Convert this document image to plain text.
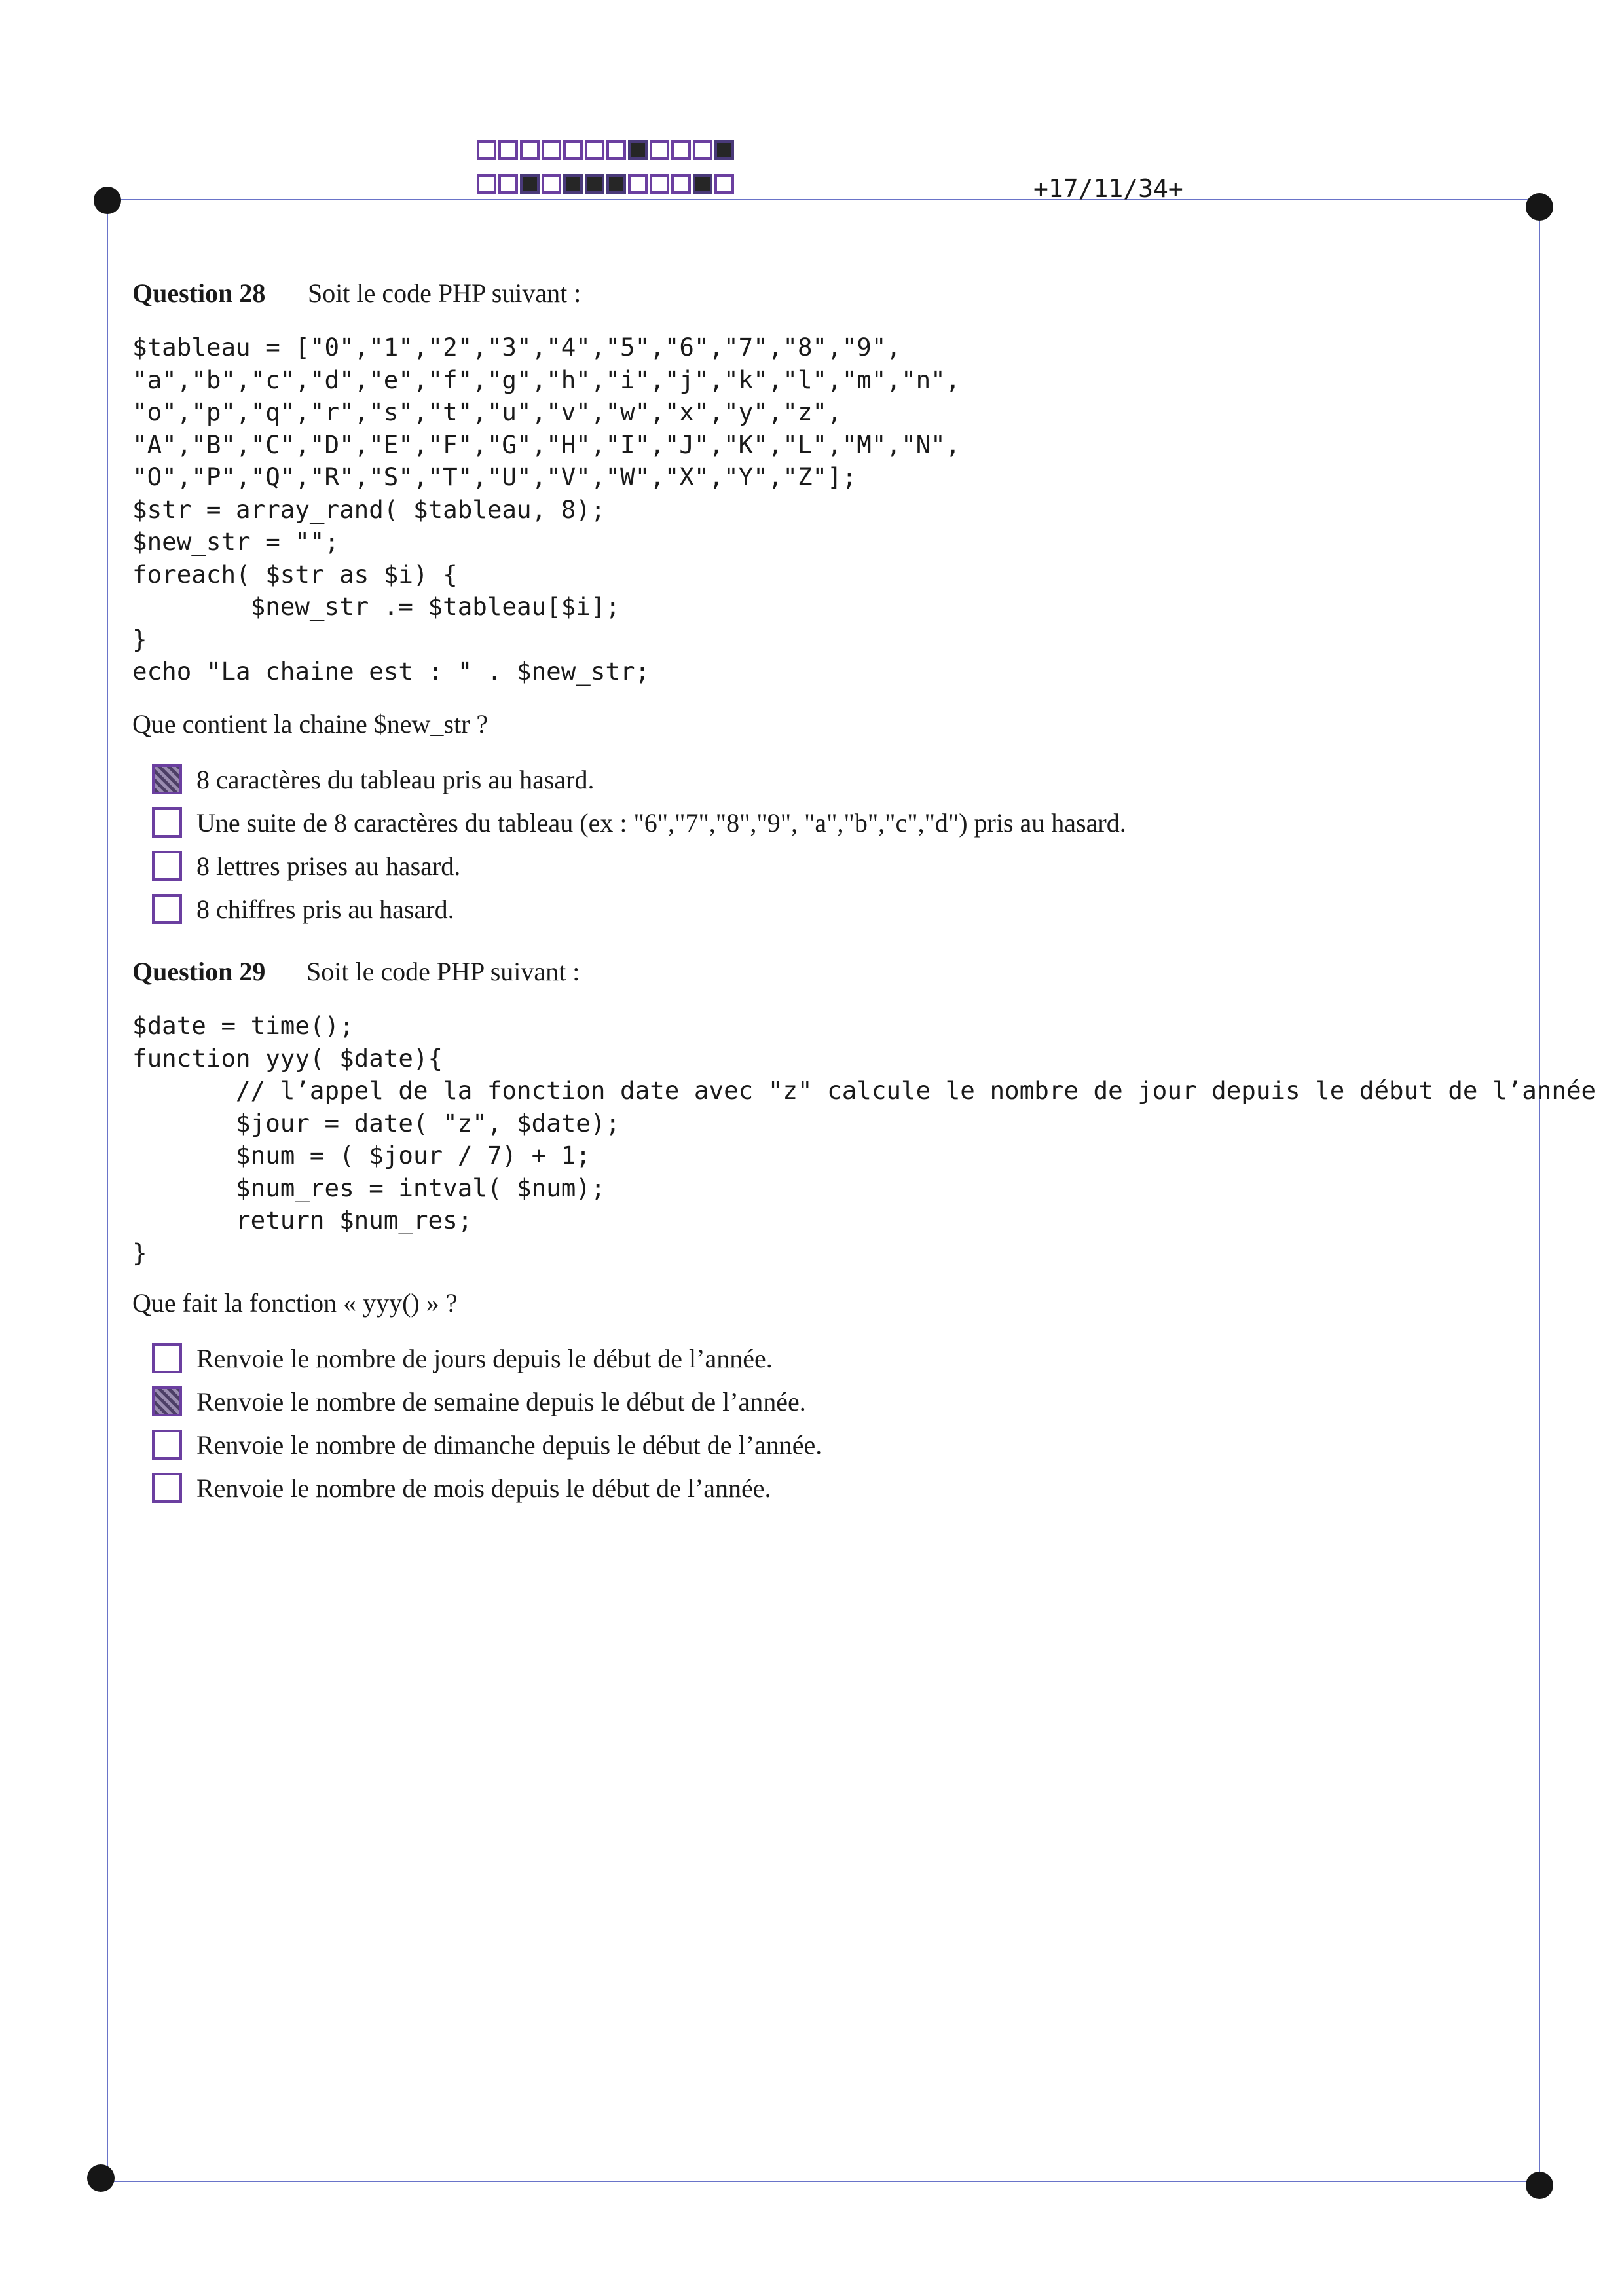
+17/11/34+
Question 28	Soit le code PHP suivant :
$tableau = ["0","1","2","3","4","5","6","7","8","9",
"a","b","c","d","e","f","g","h","i","j","k","l","m","n",
"o","p","q","r","s","t","u","v","w","x","y","z",
"A","B","C","D","E","F","G","H","I","J","K","L","M","N",
"O","P","Q","R","S","T","U","V","W","X","Y","Z"];
$str = array_rand( $tableau, 8);
$new_str = "";
foreach( $str as $i) {
$new_str .= $tableau[$i];
}
echo "La chaine est : " . $new_str;
Que contient la chaine $new_str ?
8 caractères du tableau pris au hasard.
Une suite de 8 caractères du tableau (ex : "6","7","8","9", "a","b","c","d") pris au hasard.
8 lettres prises au hasard.
8 chiffres pris au hasard.
Question 29	Soit le code PHP suivant :
$date = time();
function yyy( $date){
// l’appel de la fonction date avec "z" calcule le nombre de jour depuis le début de l’année
$jour = date( "z", $date);
$num = ( $jour / 7) + 1;
$num_res = intval( $num);
return $num_res;
}
Que fait la fonction « yyy() » ?
Renvoie le nombre de jours depuis le début de l’année.
Renvoie le nombre de semaine depuis le début de l’année.
Renvoie le nombre de dimanche depuis le début de l’année.
Renvoie le nombre de mois depuis le début de l’année.
